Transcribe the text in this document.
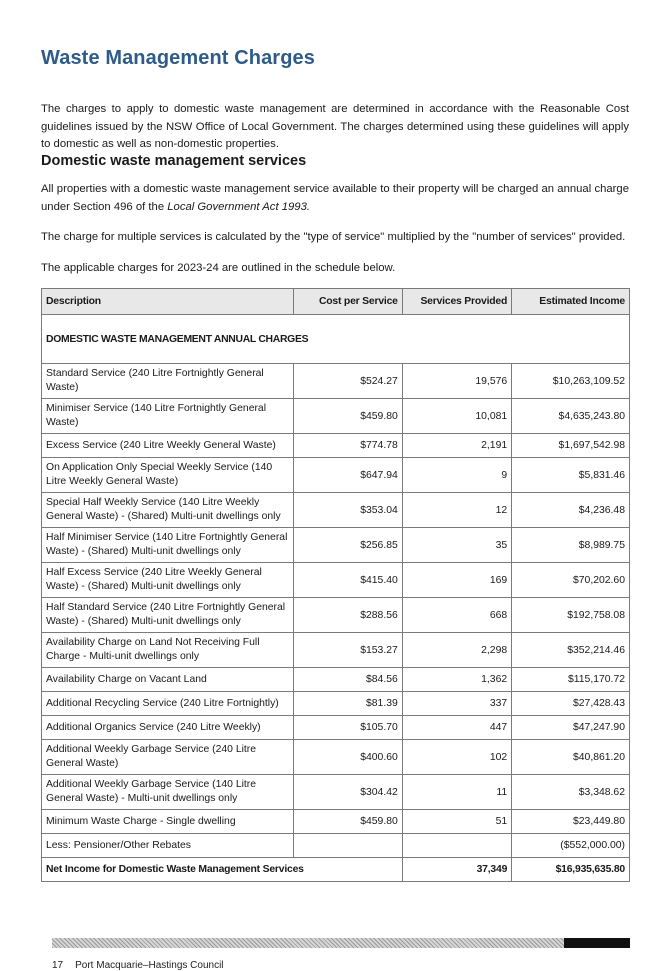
Waste Management Charges

The charges to apply to domestic waste management are determined in accordance with the Reasonable Cost guidelines issued by the NSW Office of Local Government. The charges determined using these guidelines will apply to domestic as well as non-domestic properties.

Domestic waste management services

All properties with a domestic waste management service available to their property will be charged an annual charge under Section 496 of the Local Government Act 1993.

The charge for multiple services is calculated by the "type of service" multiplied by the "number of services" provided.

The applicable charges for 2023-24 are outlined in the schedule below.

Description	Cost per Service	Services Provided	Estimated Income
DOMESTIC WASTE MANAGEMENT ANNUAL CHARGES			
Standard Service (240 Litre Fortnightly General Waste)	$524.27	19,576	$10,263,109.52
Minimiser Service (140 Litre Fortnightly General Waste)	$459.80	10,081	$4,635,243.80
Excess Service (240 Litre Weekly General Waste)	$774.78	2,191	$1,697,542.98
On Application Only Special Weekly Service (140 Litre Weekly General Waste)	$647.94	9	$5,831.46
Special Half Weekly Service (140 Litre Weekly General Waste) - (Shared) Multi-unit dwellings only	$353.04	12	$4,236.48
Half Minimiser Service (140 Litre Fortnightly General Waste) - (Shared) Multi-unit dwellings only	$256.85	35	$8,989.75
Half Excess Service (240 Litre Weekly General Waste) - (Shared) Multi-unit dwellings only	$415.40	169	$70,202.60
Half Standard Service (240 Litre Fortnightly General Waste) - (Shared) Multi-unit dwellings only	$288.56	668	$192,758.08
Availability Charge on Land Not Receiving Full Charge - Multi-unit dwellings only	$153.27	2,298	$352,214.46
Availability Charge on Vacant Land	$84.56	1,362	$115,170.72
Additional Recycling Service (240 Litre Fortnightly)	$81.39	337	$27,428.43
Additional Organics Service (240 Litre Weekly)	$105.70	447	$47,247.90
Additional Weekly Garbage Service (240 Litre General Waste)	$400.60	102	$40,861.20
Additional Weekly Garbage Service (140 Litre General Waste) - Multi-unit dwellings only	$304.42	11	$3,348.62
Minimum Waste Charge - Single dwelling	$459.80	51	$23,449.80
Less: Pensioner/Other Rebates			($552,000.00)
Net Income for Domestic Waste Management Services		37,349	$16,935,635.80
17 Port Macquarie–Hastings Council
